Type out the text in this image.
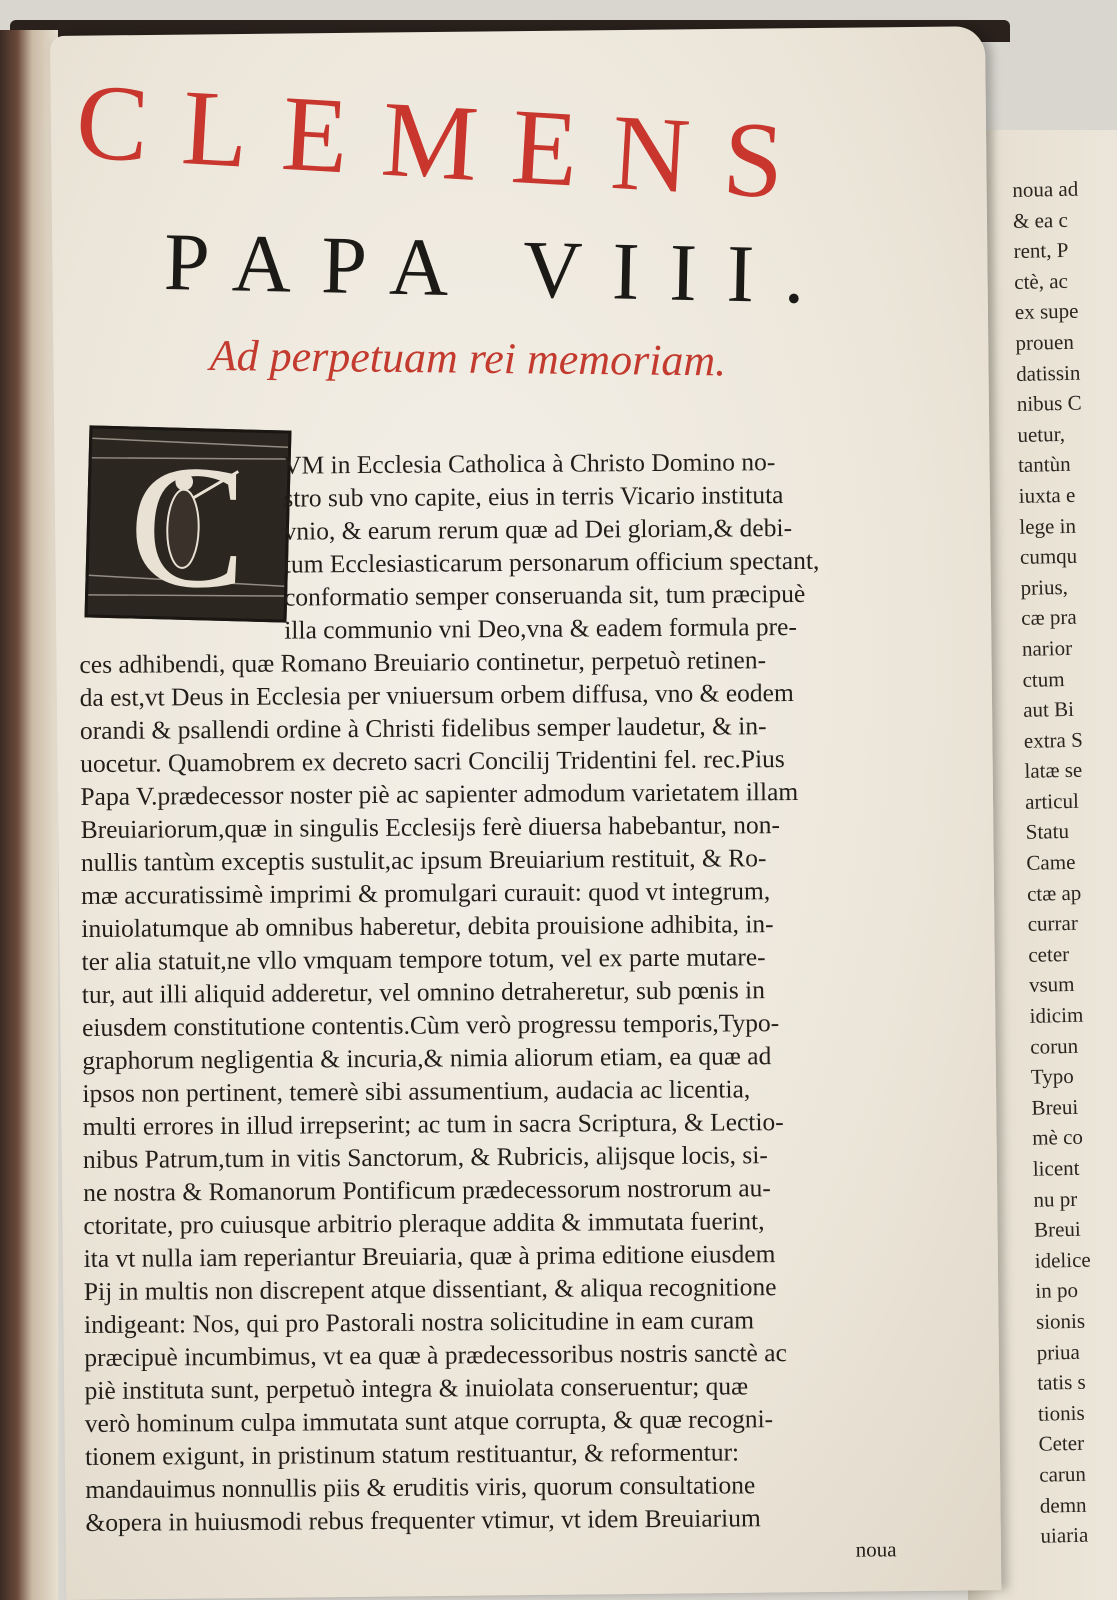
noua ad
& ea c
rent, P
ctè, ac
ex supe
prouen
datissin
nibus C
uetur,
tantùn
iuxta e
lege in
cumqu
prius,
cæ pra
narior
ctum
aut Bi
extra S
latæ se
articul
Statu
Came
ctæ ap
currar
ceter
vsum
idicim
corun
Typo
Breui
mè co
licent
nu pr
Breui
idelice
in po
sionis
priua
tatis s
tionis
Ceter
carun
demn
uiaria
CLEMENS
PAPA VIII.
Ad perpetuam rei memoriam.
VM in Ecclesia Catholica à Christo Domino no-
stro sub vno capite, eius in terris Vicario instituta
vnio, & earum rerum quæ ad Dei gloriam,& debi-
tum Ecclesiasticarum personarum officium spectant,
conformatio semper conseruanda sit, tum præcipuè
illa communio vni Deo,vna & eadem formula pre-
ces adhibendi, quæ Romano Breuiario continetur, perpetuò retinen-
da est,vt Deus in Ecclesia per vniuersum orbem diffusa, vno & eodem
orandi & psallendi ordine à Christi fidelibus semper laudetur, & in-
uocetur. Quamobrem ex decreto sacri Concilij Tridentini fel. rec.Pius
Papa V.prædecessor noster piè ac sapienter admodum varietatem illam
Breuiariorum,quæ in singulis Ecclesijs ferè diuersa habebantur, non-
nullis tantùm exceptis sustulit,ac ipsum Breuiarium restituit, & Ro-
mæ accuratissimè imprimi & promulgari curauit: quod vt integrum,
inuiolatumque ab omnibus haberetur, debita prouisione adhibita, in-
ter alia statuit,ne vllo vmquam tempore totum, vel ex parte mutare-
tur, aut illi aliquid adderetur, vel omnino detraheretur, sub pœnis in
eiusdem constitutione contentis.Cùm verò progressu temporis,Typo-
graphorum negligentia & incuria,& nimia aliorum etiam, ea quæ ad
ipsos non pertinent, temerè sibi assumentium, audacia ac licentia,
multi errores in illud irrepserint; ac tum in sacra Scriptura, & Lectio-
nibus Patrum,tum in vitis Sanctorum, & Rubricis, alijsque locis, si-
ne nostra & Romanorum Pontificum prædecessorum nostrorum au-
ctoritate, pro cuiusque arbitrio pleraque addita & immutata fuerint,
ita vt nulla iam reperiantur Breuiaria, quæ à prima editione eiusdem
Pij in multis non discrepent atque dissentiant, & aliqua recognitione
indigeant: Nos, qui pro Pastorali nostra solicitudine in eam curam
præcipuè incumbimus, vt ea quæ à prædecessoribus nostris sanctè ac
piè instituta sunt, perpetuò integra & inuiolata conseruentur; quæ
verò hominum culpa immutata sunt atque corrupta, & quæ recogni-
tionem exigunt, in pristinum statum restituantur, & reformentur:
mandauimus nonnullis piis & eruditis viris, quorum consultatione
&opera in huiusmodi rebus frequenter vtimur, vt idem Breuiarium
noua
